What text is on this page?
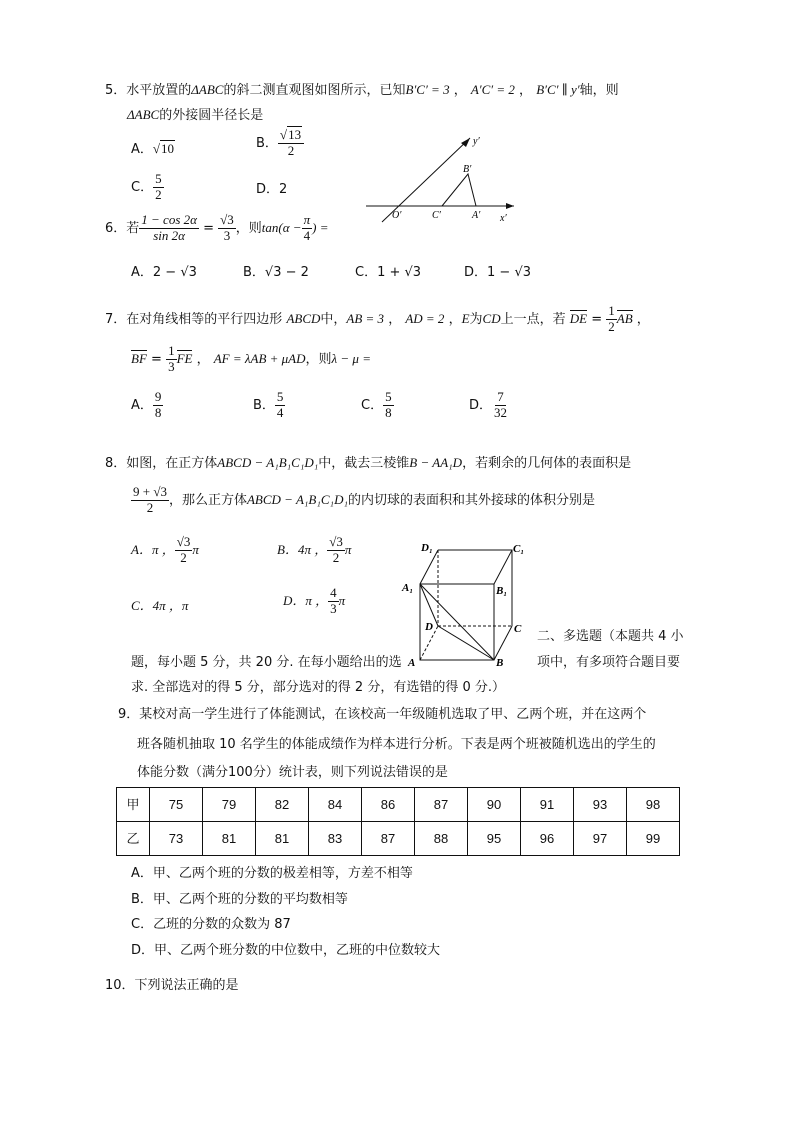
5．水平放置的ΔABC的斜二测直观图如图所示，已知B′C′ = 3 ， A′C′ = 2 ， B′C′ ∥ y′轴，则
ΔABC的外接圆半径长是
A．√10	B． $\frac{√13}{2}$
C． $\frac{5}{2}$	D．2
y′
x′
O′
B′
C′	A′
6．若 $\frac{1 - \cos 2\alpha}{\sin 2\alpha} = \frac{√3}{3}$ ，则$\tan(\alpha - \frac{\pi}{4}$ ) =
A．2 − √3	B．√3 − 2	C．1 + √3	D．1 − √3
7．在对角线相等的平行四边形 ABCD中，AB = 3 ， AD = 2 ，E为CD上一点，若 DE = $\frac{1}{2}$ AB ，
BF = $\frac{1}{3}$ FE ， AF = λAB + μAD，则λ − μ =
A． $\frac{9}{8}$	B． $\frac{5}{4}$	C． $\frac{5}{8}$	D． $\frac{7}{32}$
8．如图，在正方体ABCD − A₁B₁C₁D₁中，截去三棱锥B − AA₁D，若剩余的几何体的表面积是
$\frac{9 + √3}{2}$ ，那么正方体ABCD − A₁B₁C₁D₁的内切球的表面积和其外接球的体积分别是
A．π ， $\frac{√3}{2}$ π	B．4π ， $\frac{√3}{2}$ π
C．4π ，π	D．π ， $\frac{4}{3}$ π
D₁	C₁
A₁	B₁
D	C
A	B
二、多选题（本题共 4 小
题，每小题 5 分，共 20 分. 在每小题给出的选	项中，有多项符合题目要
求. 全部选对的得 5 分，部分选对的得 2 分，有选错的得 0 分.）
9．某校对高一学生进行了体能测试，在该校高一年级随机选取了甲、乙两个班，并在这两个
班各随机抽取 10 名学生的体能成绩作为样本进行分析。下表是两个班被随机选出的学生的
体能分数（满分100分）统计表，则下列说法错误的是
甲	75	79	82	84	86	87	90	91	93	98
乙	73	81	81	83	87	88	95	96	97	99
A．甲、乙两个班的分数的极差相等，方差不相等
B．甲、乙两个班的分数的平均数相等
C．乙班的分数的众数为 87
D．甲、乙两个班分数的中位数中，乙班的中位数较大
10．下列说法正确的是
